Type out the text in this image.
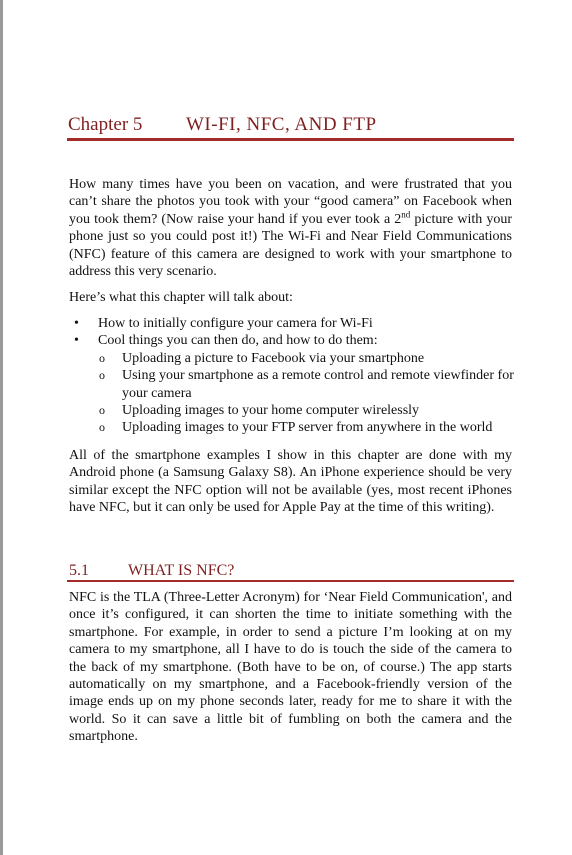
Chapter 5 WI-FI, NFC, AND FTP

How many times have you been on vacation, and were frustrated that you can’t share the photos you took with your “good camera” on Facebook when you took them? (Now raise your hand if you ever took a 2nd picture with your phone just so you could post it!) The Wi-Fi and Near Field Communications (NFC) feature of this camera are designed to work with your smartphone to address this very scenario.

Here’s what this chapter will talk about:

• How to initially configure your camera for Wi-Fi
• Cool things you can then do, and how to do them:
o Uploading a picture to Facebook via your smartphone
o Using your smartphone as a remote control and remote viewfinder for your camera
o Uploading images to your home computer wirelessly
o Uploading images to your FTP server from anywhere in the world

All of the smartphone examples I show in this chapter are done with my Android phone (a Samsung Galaxy S8). An iPhone experience should be very similar except the NFC option will not be available (yes, most recent iPhones have NFC, but it can only be used for Apple Pay at the time of this writing).

5.1 WHAT IS NFC?

NFC is the TLA (Three-Letter Acronym) for ‘Near Field Communication', and once it’s configured, it can shorten the time to initiate something with the smartphone. For example, in order to send a picture I’m looking at on my camera to my smartphone, all I have to do is touch the side of the camera to the back of my smartphone. (Both have to be on, of course.) The app starts automatically on my smartphone, and a Facebook-friendly version of the image ends up on my phone seconds later, ready for me to share it with the world. So it can save a little bit of fumbling on both the camera and the smartphone.
